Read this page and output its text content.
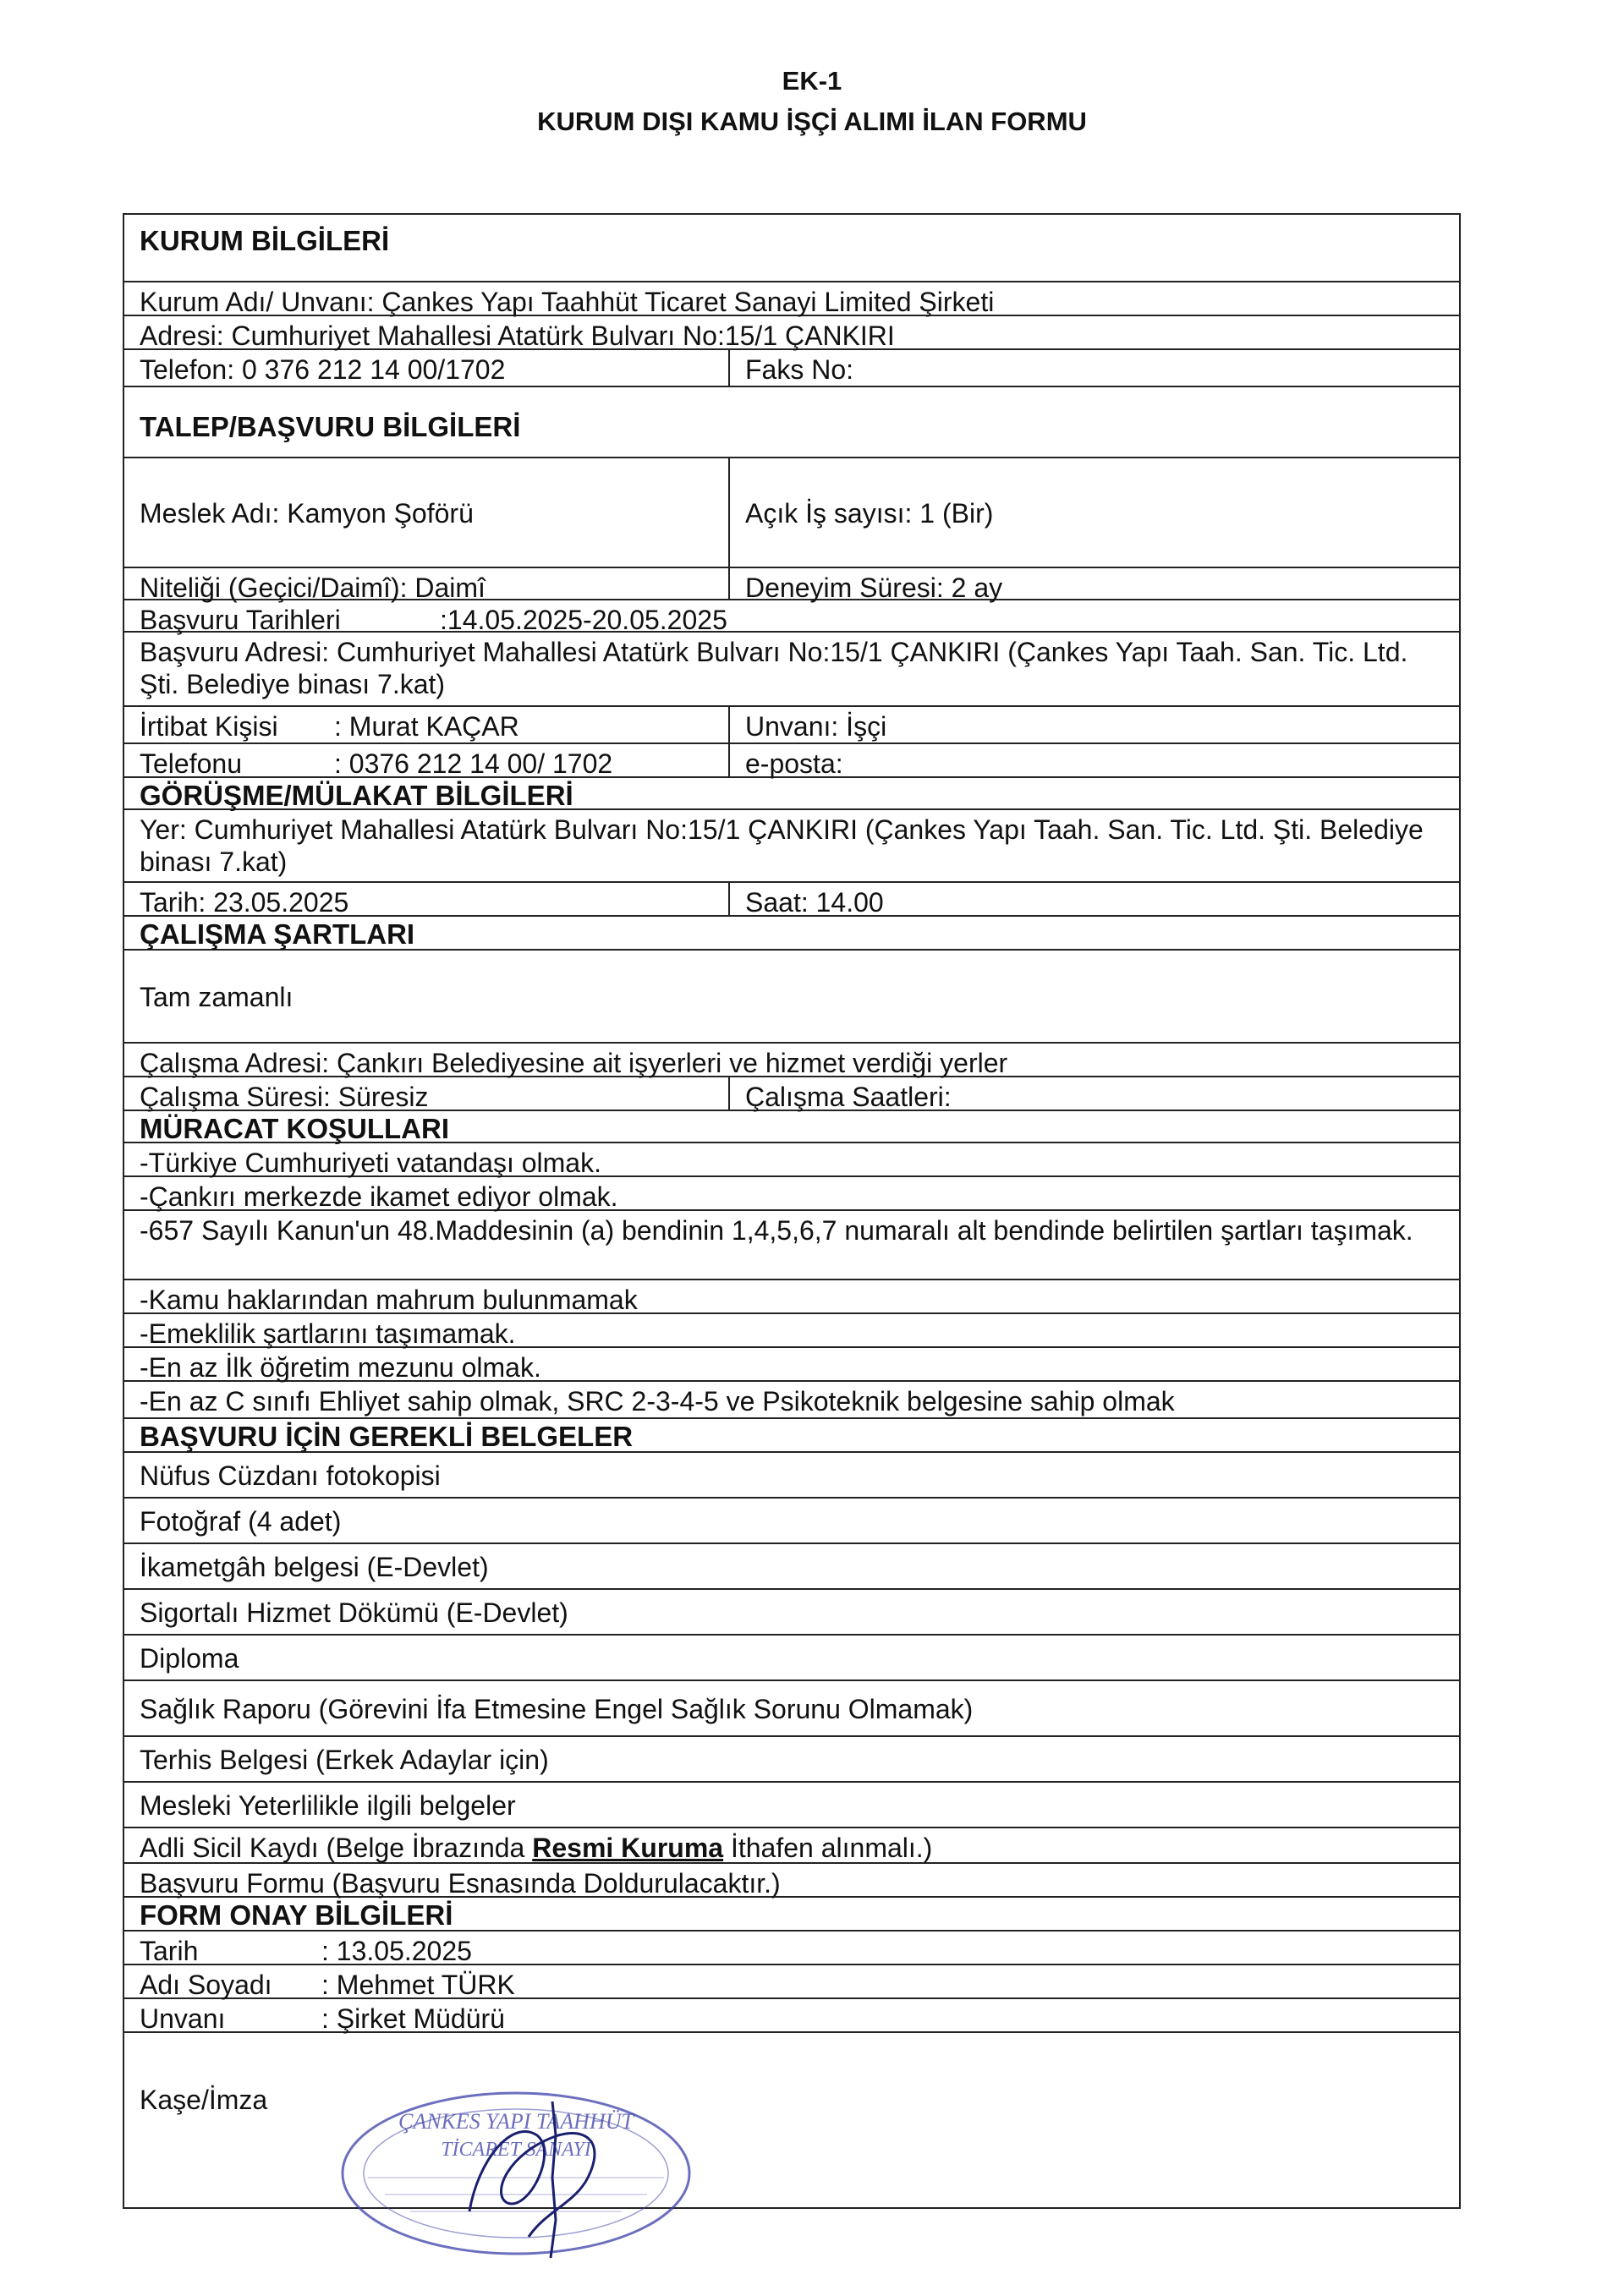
EK-1
KURUM DIŞI KAMU İŞÇİ ALIMI İLAN FORMU
KURUM BİLGİLERİ
Kurum Adı/ Unvanı: Çankes Yapı Taahhüt Ticaret Sanayi Limited Şirketi
Adresi: Cumhuriyet Mahallesi Atatürk Bulvarı No:15/1 ÇANKIRI
Telefon: 0 376 212 14 00/1702	Faks No:
TALEP/BAŞVURU BİLGİLERİ
Meslek Adı: Kamyon Şoförü	Açık İş sayısı: 1 (Bir)
Niteliği (Geçici/Daimî): Daimî	Deneyim Süresi: 2 ay
Başvuru Tarihleri	:14.05.2025-20.05.2025
Başvuru Adresi: Cumhuriyet Mahallesi Atatürk Bulvarı No:15/1 ÇANKIRI (Çankes Yapı Taah. San. Tic. Ltd. Şti. Belediye binası 7.kat)
İrtibat Kişisi : Murat KAÇAR	Unvanı: İşçi
Telefonu	: 0376 212 14 00/ 1702	e-posta:
GÖRÜŞME/MÜLAKAT BİLGİLERİ
Yer: Cumhuriyet Mahallesi Atatürk Bulvarı No:15/1 ÇANKIRI (Çankes Yapı Taah. San. Tic. Ltd. Şti. Belediye binası 7.kat)
Tarih: 23.05.2025	Saat: 14.00
ÇALIŞMA ŞARTLARI
Tam zamanlı
Çalışma Adresi: Çankırı Belediyesine ait işyerleri ve hizmet verdiği yerler
Çalışma Süresi: Süresiz	Çalışma Saatleri:
MÜRACAT KOŞULLARI
-Türkiye Cumhuriyeti vatandaşı olmak.
-Çankırı merkezde ikamet ediyor olmak.
-657 Sayılı Kanun'un 48.Maddesinin (a) bendinin 1,4,5,6,7 numaralı alt bendinde belirtilen şartları taşımak.
-Kamu haklarından mahrum bulunmamak
-Emeklilik şartlarını taşımamak.
-En az İlk öğretim mezunu olmak.
-En az C sınıfı Ehliyet sahip olmak, SRC 2-3-4-5 ve Psikoteknik belgesine sahip olmak
BAŞVURU İÇİN GEREKLİ BELGELER
Nüfus Cüzdanı fotokopisi
Fotoğraf (4 adet)
İkametgâh belgesi (E-Devlet)
Sigortalı Hizmet Dökümü (E-Devlet)
Diploma
Sağlık Raporu (Görevini İfa Etmesine Engel Sağlık Sorunu Olmamak)
Terhis Belgesi (Erkek Adaylar için)
Mesleki Yeterlilikle ilgili belgeler
Adli Sicil Kaydı (Belge İbrazında Resmi Kuruma İthafen alınmalı.)
Başvuru Formu (Başvuru Esnasında Doldurulacaktır.)
FORM ONAY BİLGİLERİ
Tarih	: 13.05.2025
Adı Soyadı : Mehmet TÜRK
Unvanı	: Şirket Müdürü
Kaşe/İmza
ÇANKES YAPI TAAHHÜT
TİCARET SANAYİ
